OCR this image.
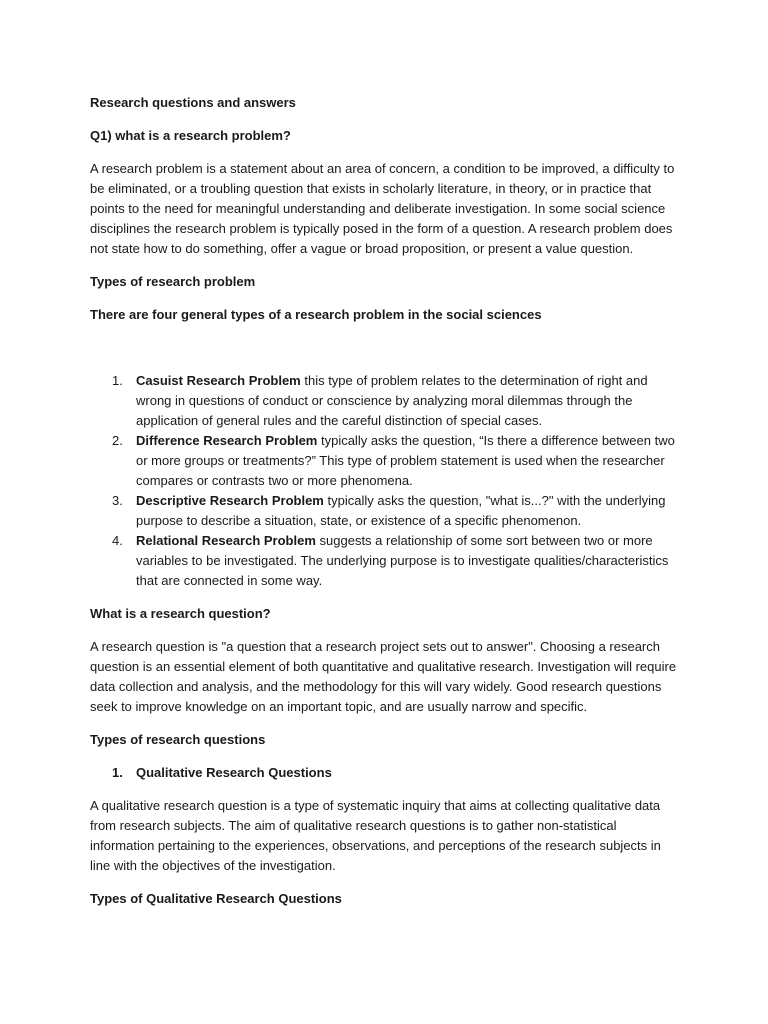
Research questions and answers
Q1) what is a research problem?
A research problem is a statement about an area of concern, a condition to be improved, a difficulty to be eliminated, or a troubling question that exists in scholarly literature, in theory, or in practice that points to the need for meaningful understanding and deliberate investigation. In some social science disciplines the research problem is typically posed in the form of a question. A research problem does not state how to do something, offer a vague or broad proposition, or present a value question.
Types of research problem
There are four general types of a research problem in the social sciences
1. Casuist Research Problem this type of problem relates to the determination of right and wrong in questions of conduct or conscience by analyzing moral dilemmas through the application of general rules and the careful distinction of special cases.
2. Difference Research Problem typically asks the question, “Is there a difference between two or more groups or treatments?” This type of problem statement is used when the researcher compares or contrasts two or more phenomena.
3. Descriptive Research Problem typically asks the question, "what is...?" with the underlying purpose to describe a situation, state, or existence of a specific phenomenon.
4. Relational Research Problem suggests a relationship of some sort between two or more variables to be investigated. The underlying purpose is to investigate qualities/characteristics that are connected in some way.
What is a research question?
A research question is "a question that a research project sets out to answer". Choosing a research question is an essential element of both quantitative and qualitative research. Investigation will require data collection and analysis, and the methodology for this will vary widely. Good research questions seek to improve knowledge on an important topic, and are usually narrow and specific.
Types of research questions
1. Qualitative Research Questions
A qualitative research question is a type of systematic inquiry that aims at collecting qualitative data from research subjects. The aim of qualitative research questions is to gather non-statistical information pertaining to the experiences, observations, and perceptions of the research subjects in line with the objectives of the investigation.
Types of Qualitative Research Questions
